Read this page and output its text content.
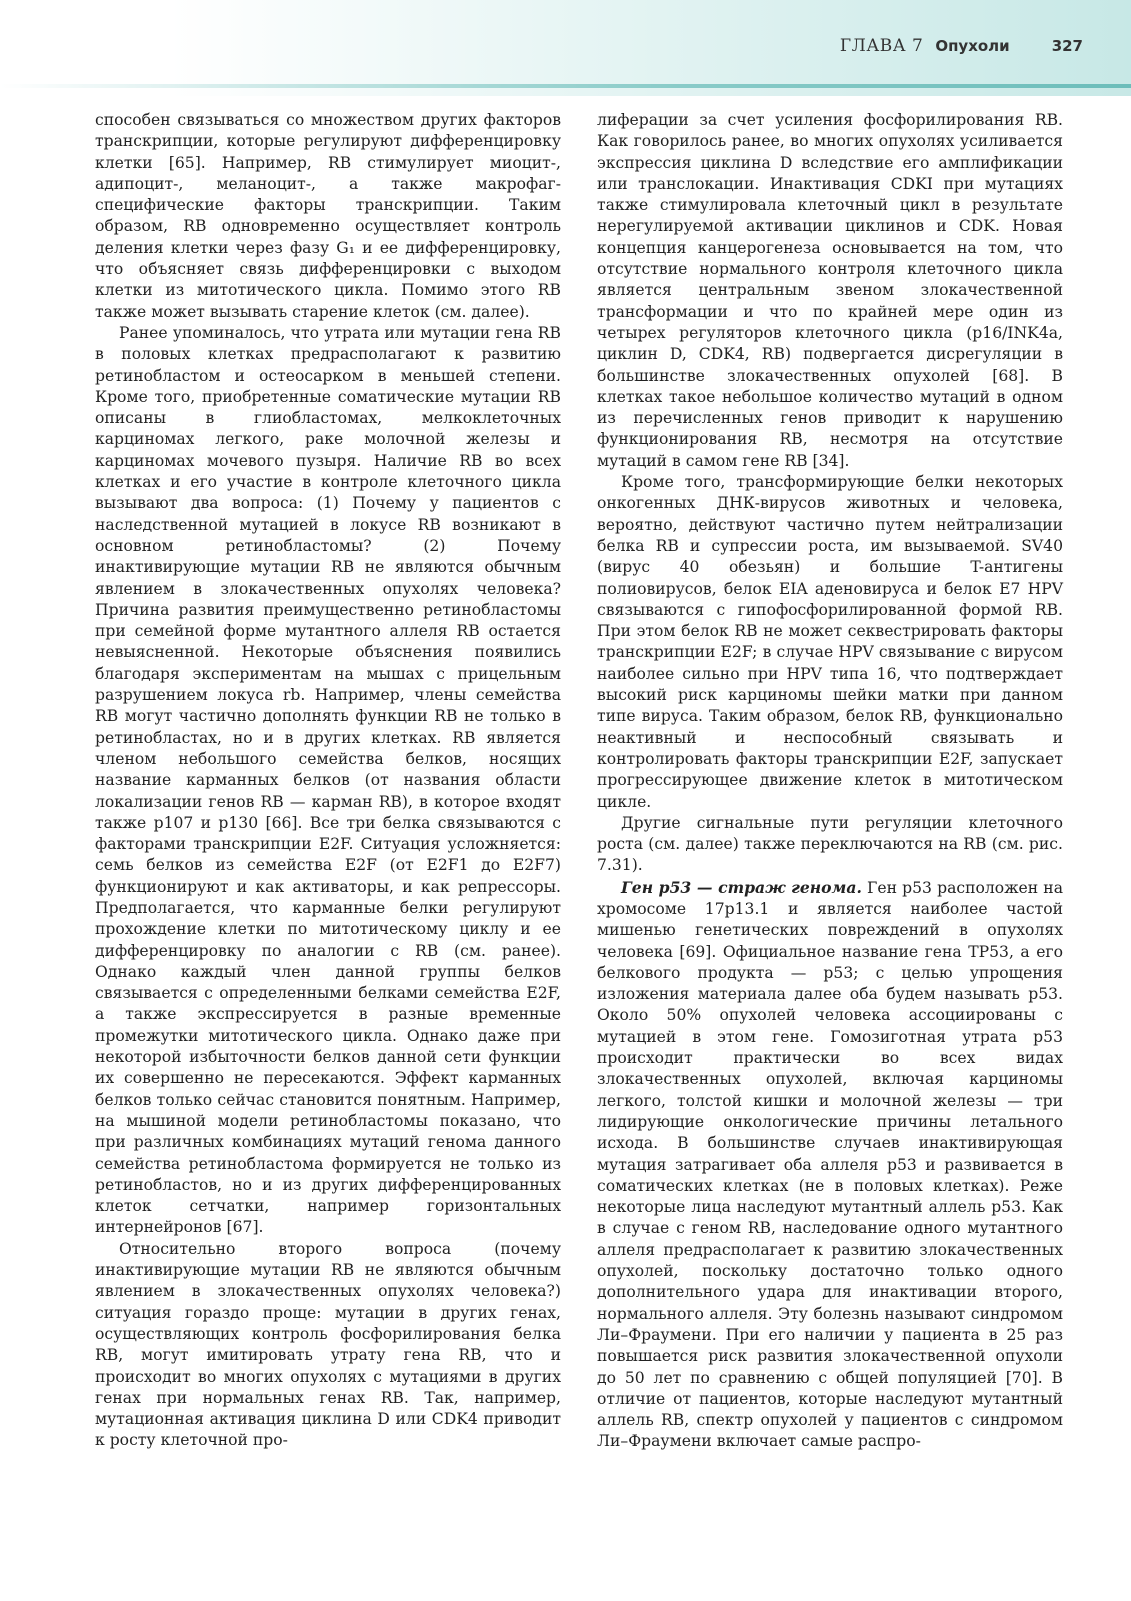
ГЛАВА 7 Опухоли	327

способен связываться со множеством других факторов транскрипции, которые регулируют дифференцировку клетки [65]. Например, RB стимулирует миоцит-, адипоцит-, меланоцит-, а также макрофаг-специфические факторы транскрипции. Таким образом, RB одновременно осуществляет контроль деления клетки через фазу G₁ и ее дифференцировку, что объясняет связь дифференцировки с выходом клетки из митотического цикла. Помимо этого RB также может вызывать старение клеток (см. далее).

Ранее упоминалось, что утрата или мутации гена RB в половых клетках предрасполагают к развитию ретинобластом и остеосарком в меньшей степени. Кроме того, приобретенные соматические мутации RB описаны в глиобластомах, мелкоклеточных карциномах легкого, раке молочной железы и карциномах мочевого пузыря. Наличие RB во всех клетках и его участие в контроле клеточного цикла вызывают два вопроса: (1) Почему у пациентов с наследственной мутацией в локусе RB возникают в основном ретинобластомы? (2) Почему инактивирующие мутации RB не являются обычным явлением в злокачественных опухолях человека? Причина развития преимущественно ретинобластомы при семейной форме мутантного аллеля RB остается невыясненной. Некоторые объяснения появились благодаря экспериментам на мышах с прицельным разрушением локуса rb. Например, члены семейства RB могут частично дополнять функции RB не только в ретинобластах, но и в других клетках. RB является членом небольшого семейства белков, носящих название карманных белков (от названия области локализации генов RB — карман RB), в которое входят также p107 и p130 [66]. Все три белка связываются с факторами транскрипции E2F. Ситуация усложняется: семь белков из семейства E2F (от E2F1 до E2F7) функционируют и как активаторы, и как репрессоры. Предполагается, что карманные белки регулируют прохождение клетки по митотическому циклу и ее дифференцировку по аналогии с RB (см. ранее). Однако каждый член данной группы белков связывается с определенными белками семейства E2F, а также экспрессируется в разные временные промежутки митотического цикла. Однако даже при некоторой избыточности белков данной сети функции их совершенно не пересекаются. Эффект карманных белков только сейчас становится понятным. Например, на мышиной модели ретинобластомы показано, что при различных комбинациях мутаций генома данного семейства ретинобластома формируется не только из ретинобластов, но и из других дифференцированных клеток сетчатки, например горизонтальных интернейронов [67].

Относительно второго вопроса (почему инактивирующие мутации RB не являются обычным явлением в злокачественных опухолях человека?) ситуация гораздо проще: мутации в других генах, осуществляющих контроль фосфорилирования белка RB, могут имитировать утрату гена RB, что и происходит во многих опухолях с мутациями в других генах при нормальных генах RB. Так, например, мутационная активация циклина D или CDK4 приводит к росту клеточной про-

лиферации за счет усиления фосфорилирования RB. Как говорилось ранее, во многих опухолях усиливается экспрессия циклина D вследствие его амплификации или транслокации. Инактивация CDKI при мутациях также стимулировала клеточный цикл в результате нерегулируемой активации циклинов и CDK. Новая концепция канцерогенеза основывается на том, что отсутствие нормального контроля клеточного цикла является центральным звеном злокачественной трансформации и что по крайней мере один из четырех регуляторов клеточного цикла (p16/INK4a, циклин D, CDK4, RB) подвергается дисрегуляции в большинстве злокачественных опухолей [68]. В клетках такое небольшое количество мутаций в одном из перечисленных генов приводит к нарушению функционирования RB, несмотря на отсутствие мутаций в самом гене RB [34].

Кроме того, трансформирующие белки некоторых онкогенных ДНК-вирусов животных и человека, вероятно, действуют частично путем нейтрализации белка RB и супрессии роста, им вызываемой. SV40 (вирус 40 обезьян) и большие T-антигены полиовирусов, белок EIA аденовируса и белок E7 HPV связываются с гипофосфорилированной формой RB. При этом белок RB не может секвестрировать факторы транскрипции E2F; в случае HPV связывание с вирусом наиболее сильно при HPV типа 16, что подтверждает высокий риск карциномы шейки матки при данном типе вируса. Таким образом, белок RB, функционально неактивный и неспособный связывать и контролировать факторы транскрипции E2F, запускает прогрессирующее движение клеток в митотическом цикле.

Другие сигнальные пути регуляции клеточного роста (см. далее) также переключаются на RB (см. рис. 7.31).

Ген p53 — страж генома. Ген p53 расположен на хромосоме 17p13.1 и является наиболее частой мишенью генетических повреждений в опухолях человека [69]. Официальное название гена TP53, а его белкового продукта — p53; с целью упрощения изложения материала далее оба будем называть p53. Около 50% опухолей человека ассоциированы с мутацией в этом гене. Гомозиготная утрата p53 происходит практически во всех видах злокачественных опухолей, включая карциномы легкого, толстой кишки и молочной железы — три лидирующие онкологические причины летального исхода. В большинстве случаев инактивирующая мутация затрагивает оба аллеля p53 и развивается в соматических клетках (не в половых клетках). Реже некоторые лица наследуют мутантный аллель p53. Как в случае с геном RB, наследование одного мутантного аллеля предрасполагает к развитию злокачественных опухолей, поскольку достаточно только одного дополнительного удара для инактивации второго, нормального аллеля. Эту болезнь называют синдромом Ли–Фраумени. При его наличии у пациента в 25 раз повышается риск развития злокачественной опухоли до 50 лет по сравнению с общей популяцией [70]. В отличие от пациентов, которые наследуют мутантный аллель RB, спектр опухолей у пациентов с синдромом Ли–Фраумени включает самые распро-
